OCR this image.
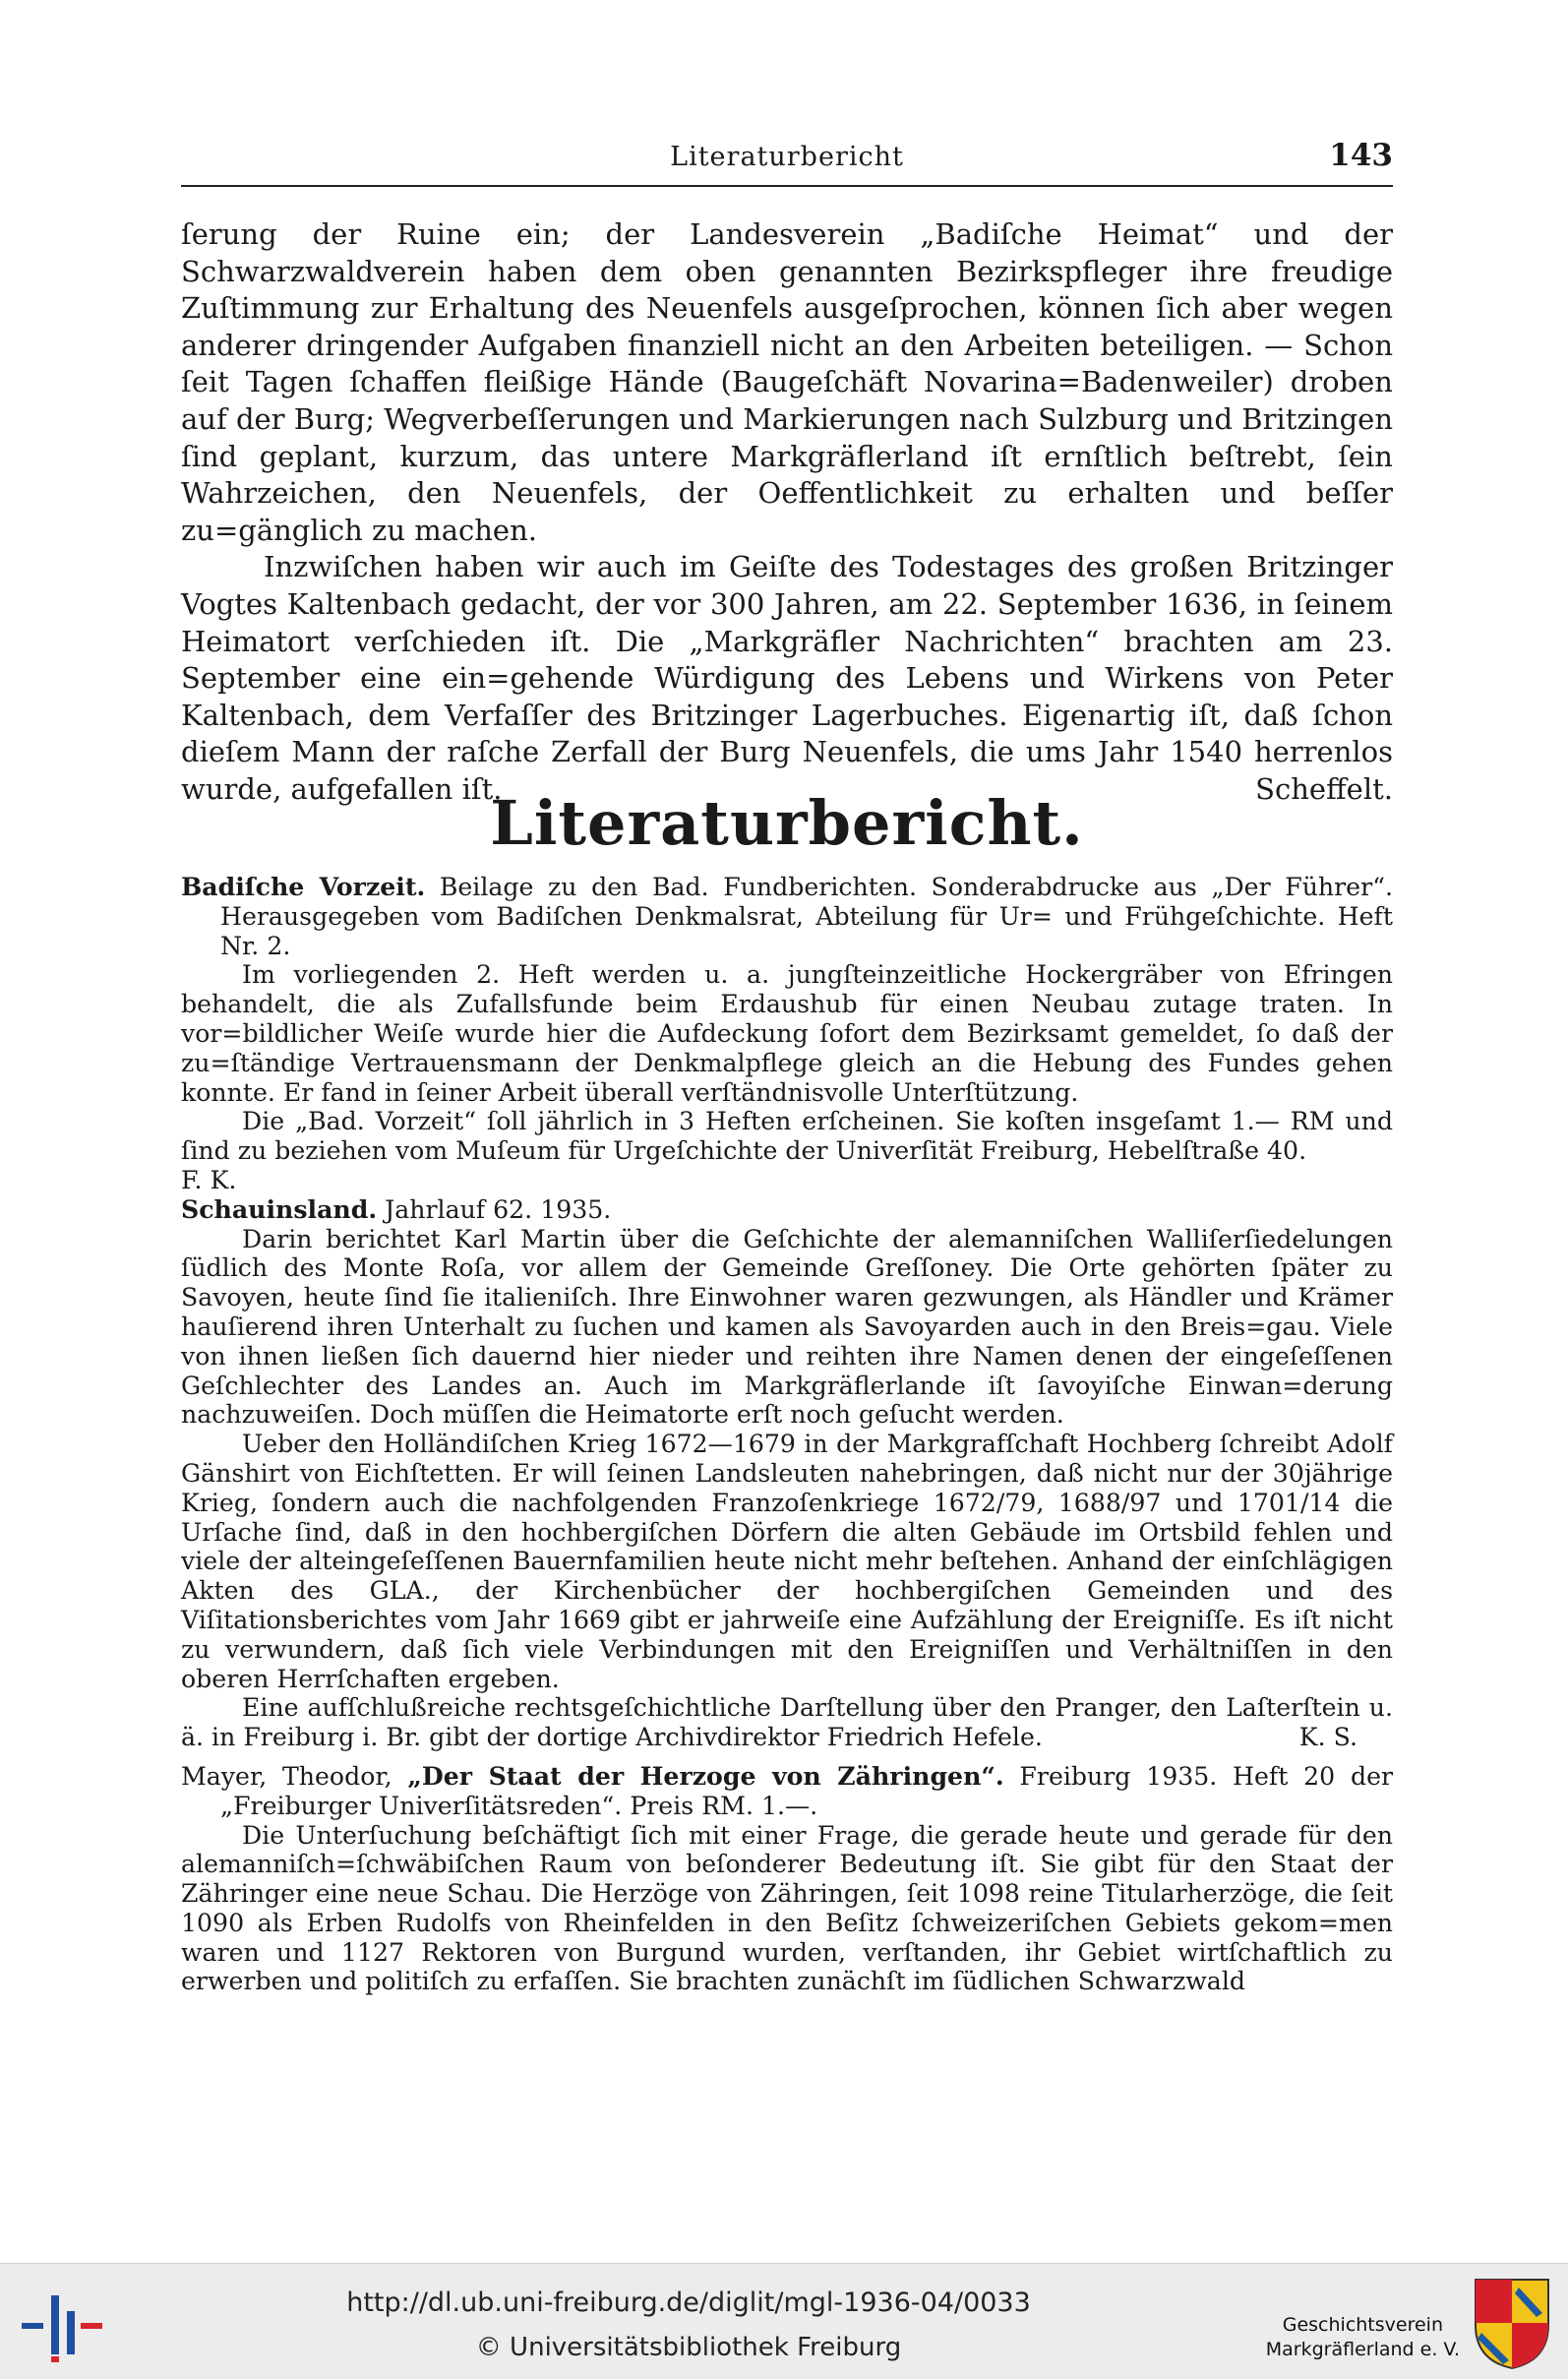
Literaturbericht	143

ſerung der Ruine ein; der Landesverein „Badiſche Heimat“ und der Schwarzwaldverein haben dem oben genannten Bezirkspfleger ihre freudige Zuſtimmung zur Erhaltung des Neuenfels ausgeſprochen, können ſich aber wegen anderer dringender Aufgaben finanziell nicht an den Arbeiten beteiligen. — Schon ſeit Tagen ſchaffen fleißige Hände (Baugeſchäft Novarina=Badenweiler) droben auf der Burg; Wegverbeſſerungen und Markierungen nach Sulzburg und Britzingen ſind geplant, kurzum, das untere Markgräflerland iſt ernſtlich beſtrebt, ſein Wahrzeichen, den Neuenfels, der Oeffentlichkeit zu erhalten und beſſer zu=gänglich zu machen.

Inzwiſchen haben wir auch im Geiſte des Todestages des großen Britzinger Vogtes Kaltenbach gedacht, der vor 300 Jahren, am 22. September 1636, in ſeinem Heimatort verſchieden iſt. Die „Markgräfler Nachrichten“ brachten am 23. September eine ein=gehende Würdigung des Lebens und Wirkens von Peter Kaltenbach, dem Verfaſſer des Britzinger Lagerbuches. Eigenartig iſt, daß ſchon dieſem Mann der raſche Zerfall der Burg Neuenfels, die ums Jahr 1540 herrenlos wurde, aufgefallen iſt.	Scheffelt.

Literaturbericht.

Badiſche Vorzeit. Beilage zu den Bad. Fundberichten. Sonderabdrucke aus „Der Führer“. Herausgegeben vom Badiſchen Denkmalsrat, Abteilung für Ur= und Frühgeſchichte. Heft Nr. 2.

Im vorliegenden 2. Heft werden u. a. jungſteinzeitliche Hockergräber von Efringen behandelt, die als Zufallsfunde beim Erdaushub für einen Neubau zutage traten. In vor=bildlicher Weiſe wurde hier die Aufdeckung ſofort dem Bezirksamt gemeldet, ſo daß der zu=ſtändige Vertrauensmann der Denkmalpflege gleich an die Hebung des Fundes gehen konnte. Er fand in ſeiner Arbeit überall verſtändnisvolle Unterſtützung.

Die „Bad. Vorzeit“ ſoll jährlich in 3 Heften erſcheinen. Sie koſten insgeſamt 1.— RM und ſind zu beziehen vom Muſeum für Urgeſchichte der Univerſität Freiburg, Hebelſtraße 40.

F. K.

Schauinsland. Jahrlauf 62. 1935.

Darin berichtet Karl Martin über die Geſchichte der alemanniſchen Walliſerſiedelungen ſüdlich des Monte Roſa, vor allem der Gemeinde Greſſoney. Die Orte gehörten ſpäter zu Savoyen, heute ſind ſie italieniſch. Ihre Einwohner waren gezwungen, als Händler und Krämer hauſierend ihren Unterhalt zu ſuchen und kamen als Savoyarden auch in den Breis=gau. Viele von ihnen ließen ſich dauernd hier nieder und reihten ihre Namen denen der eingeſeſſenen Geſchlechter des Landes an. Auch im Markgräflerlande iſt ſavoyiſche Einwan=derung nachzuweiſen. Doch müſſen die Heimatorte erſt noch geſucht werden.

Ueber den Holländiſchen Krieg 1672—1679 in der Markgrafſchaft Hochberg ſchreibt Adolf Gänshirt von Eichſtetten. Er will ſeinen Landsleuten nahebringen, daß nicht nur der 30jährige Krieg, ſondern auch die nachfolgenden Franzoſenkriege 1672/79, 1688/97 und 1701/14 die Urſache ſind, daß in den hochbergiſchen Dörfern die alten Gebäude im Ortsbild fehlen und viele der alteingeſeſſenen Bauernfamilien heute nicht mehr beſtehen. Anhand der einſchlägigen Akten des GLA., der Kirchenbücher der hochbergiſchen Gemeinden und des Viſitationsberichtes vom Jahr 1669 gibt er jahrweiſe eine Aufzählung der Ereigniſſe. Es iſt nicht zu verwundern, daß ſich viele Verbindungen mit den Ereigniſſen und Verhältniſſen in den oberen Herrſchaften ergeben.

Eine aufſchlußreiche rechtsgeſchichtliche Darſtellung über den Pranger, den Laſterſtein u. ä. in Freiburg i. Br. gibt der dortige Archivdirektor Friedrich Hefele.	K. S.

Mayer, Theodor, „Der Staat der Herzoge von Zähringen“. Freiburg 1935. Heft 20 der „Freiburger Univerſitätsreden“. Preis RM. 1.—.

Die Unterſuchung beſchäftigt ſich mit einer Frage, die gerade heute und gerade für den alemanniſch=ſchwäbiſchen Raum von beſonderer Bedeutung iſt. Sie gibt für den Staat der Zähringer eine neue Schau. Die Herzöge von Zähringen, ſeit 1098 reine Titularherzöge, die ſeit 1090 als Erben Rudolfs von Rheinfelden in den Beſitz ſchweizeriſchen Gebiets gekom=men waren und 1127 Rektoren von Burgund wurden, verſtanden, ihr Gebiet wirtſchaftlich zu erwerben und politiſch zu erfaſſen. Sie brachten zunächſt im ſüdlichen Schwarzwald

http://dl.ub.uni-freiburg.de/diglit/mgl-1936-04/0033
© Universitätsbibliothek Freiburg
Geschichtsverein
Markgräflerland e. V.
